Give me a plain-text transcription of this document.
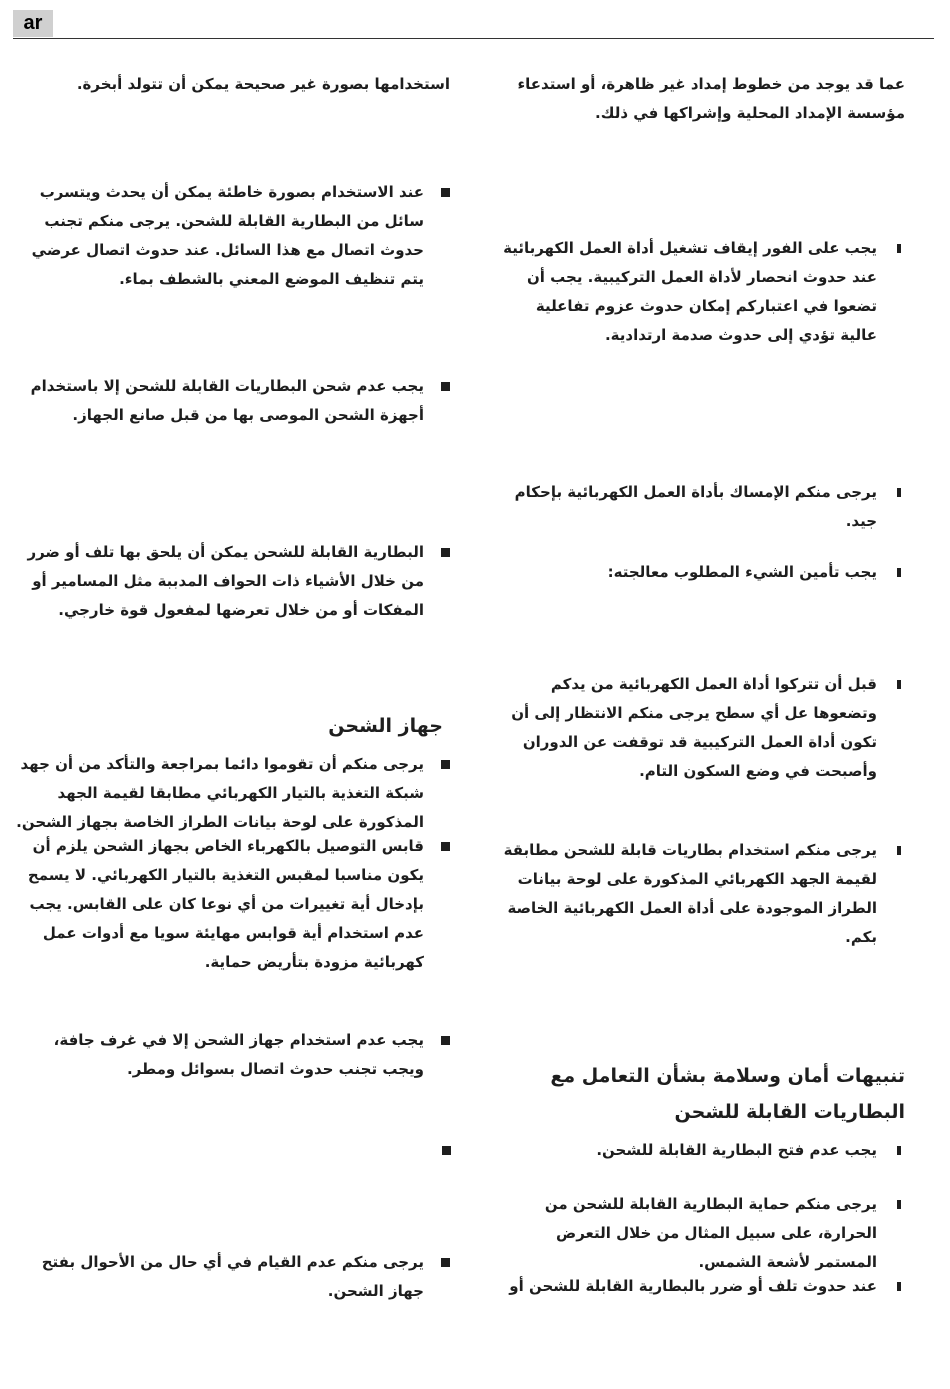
ar
عما قد يوجد من خطوط إمداد غير ظاهرة، أو استدعاء مؤسسة الإمداد المحلية وإشراكها في ذلك.
يجب على الفور إيقاف تشغيل أداة العمل الكهربائية عند حدوث انحصار لأداة العمل التركيبية. يجب أن تضعوا في اعتباركم إمكان حدوث عزوم تفاعلية عالية تؤدي إلى حدوث صدمة ارتدادية.
يرجى منكم الإمساك بأداة العمل الكهربائية بإحكام جيد.
يجب تأمين الشيء المطلوب معالجته:
قبل أن تتركوا أداة العمل الكهربائية من يدكم وتضعوها عل أي سطح يرجى منكم الانتظار إلى أن تكون أداة العمل التركيبية قد توقفت عن الدوران وأصبحت في وضع السكون التام.
يرجى منكم استخدام بطاريات قابلة للشحن مطابقة لقيمة الجهد الكهربائي المذكورة على لوحة بيانات الطراز الموجودة على أداة العمل الكهربائية الخاصة بكم.
تنبيهات أمان وسلامة بشأن التعامل مع
البطاريات القابلة للشحن
يجب عدم فتح البطارية القابلة للشحن.
يرجى منكم حماية البطارية القابلة للشحن من الحرارة، على سبيل المثال من خلال التعرض المستمر لأشعة الشمس.
عند حدوث تلف أو ضرر بالبطارية القابلة للشحن أو
استخدامها بصورة غير صحيحة يمكن أن تتولد أبخرة.
عند الاستخدام بصورة خاطئة يمكن أن يحدث ويتسرب سائل من البطارية القابلة للشحن. يرجى منكم تجنب حدوث اتصال مع هذا السائل. عند حدوث اتصال عرضي يتم تنظيف الموضع المعني بالشطف بماء.
يجب عدم شحن البطاريات القابلة للشحن إلا باستخدام أجهزة الشحن الموصى بها من قبل صانع الجهاز.
البطارية القابلة للشحن يمكن أن يلحق بها تلف أو ضرر من خلال الأشياء ذات الحواف المدببة مثل المسامير أو المفكات أو من خلال تعرضها لمفعول قوة خارجي.
جهاز الشحن
يرجى منكم أن تقوموا دائما بمراجعة والتأكد من أن جهد شبكة التغذية بالتيار الكهربائي مطابقا لقيمة الجهد المذكورة على لوحة بيانات الطراز الخاصة بجهاز الشحن.
قابس التوصيل بالكهرباء الخاص بجهاز الشحن يلزم أن يكون مناسبا لمقبس التغذية بالتيار الكهربائي. لا يسمح بإدخال أية تغييرات من أي نوعا كان على القابس. يجب عدم استخدام أية قوابس مهايئة سويا مع أدوات عمل كهربائية مزودة بتأريض حماية.
يجب عدم استخدام جهاز الشحن إلا في غرف جافة، ويجب تجنب حدوث اتصال بسوائل ومطر.
يرجى منكم عدم القيام في أي حال من الأحوال بفتح جهاز الشحن.
